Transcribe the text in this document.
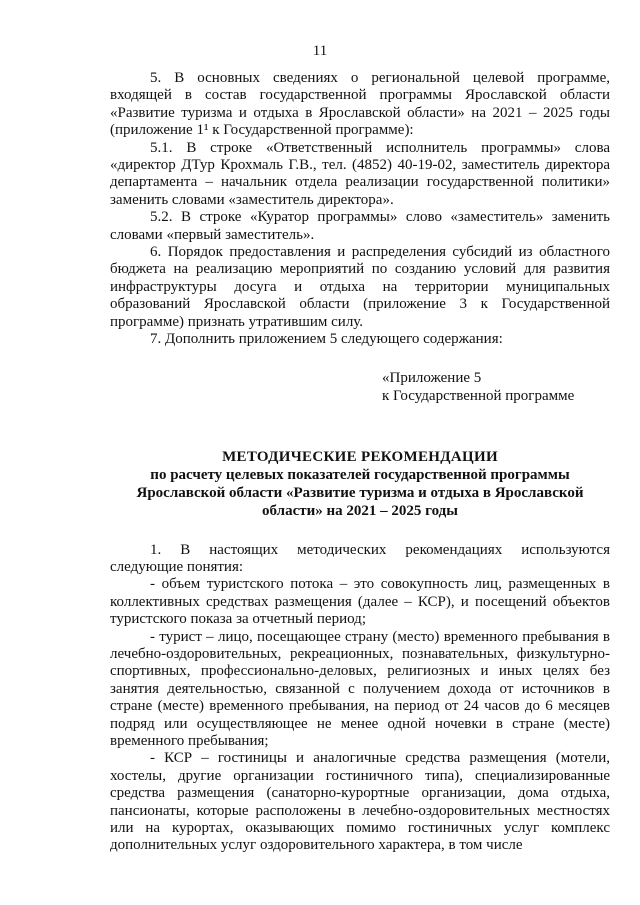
11

5. В основных сведениях о региональной целевой программе, входящей в состав государственной программы Ярославской области «Развитие туризма и отдыха в Ярославской области» на 2021 – 2025 годы (приложение 1¹ к Государственной программе):

5.1. В строке «Ответственный исполнитель программы» слова «директор ДТур Крохмаль Г.В., тел. (4852) 40-19-02, заместитель директора департамента – начальник отдела реализации государственной политики» заменить словами «заместитель директора».

5.2. В строке «Куратор программы» слово «заместитель» заменить словами «первый заместитель».

6. Порядок предоставления и распределения субсидий из областного бюджета на реализацию мероприятий по созданию условий для развития инфраструктуры досуга и отдыха на территории муниципальных образований Ярославской области (приложение 3 к Государственной программе) признать утратившим силу.

7. Дополнить приложением 5 следующего содержания:

«Приложение 5
к Государственной программе
МЕТОДИЧЕСКИЕ РЕКОМЕНДАЦИИ
по расчету целевых показателей государственной программы Ярославской области «Развитие туризма и отдыха в Ярославской области» на 2021 – 2025 годы

1. В настоящих методических рекомендациях используются следующие понятия:

- объем туристского потока – это совокупность лиц, размещенных в коллективных средствах размещения (далее – КСР), и посещений объектов туристского показа за отчетный период;

- турист – лицо, посещающее страну (место) временного пребывания в лечебно-оздоровительных, рекреационных, познавательных, физкультурно-спортивных, профессионально-деловых, религиозных и иных целях без занятия деятельностью, связанной с получением дохода от источников в стране (месте) временного пребывания, на период от 24 часов до 6 месяцев подряд или осуществляющее не менее одной ночевки в стране (месте) временного пребывания;

- КСР – гостиницы и аналогичные средства размещения (мотели, хостелы, другие организации гостиничного типа), специализированные средства размещения (санаторно-курортные организации, дома отдыха, пансионаты, которые расположены в лечебно-оздоровительных местностях или на курортах, оказывающих помимо гостиничных услуг комплекс дополнительных услуг оздоровительного характера, в том числе
